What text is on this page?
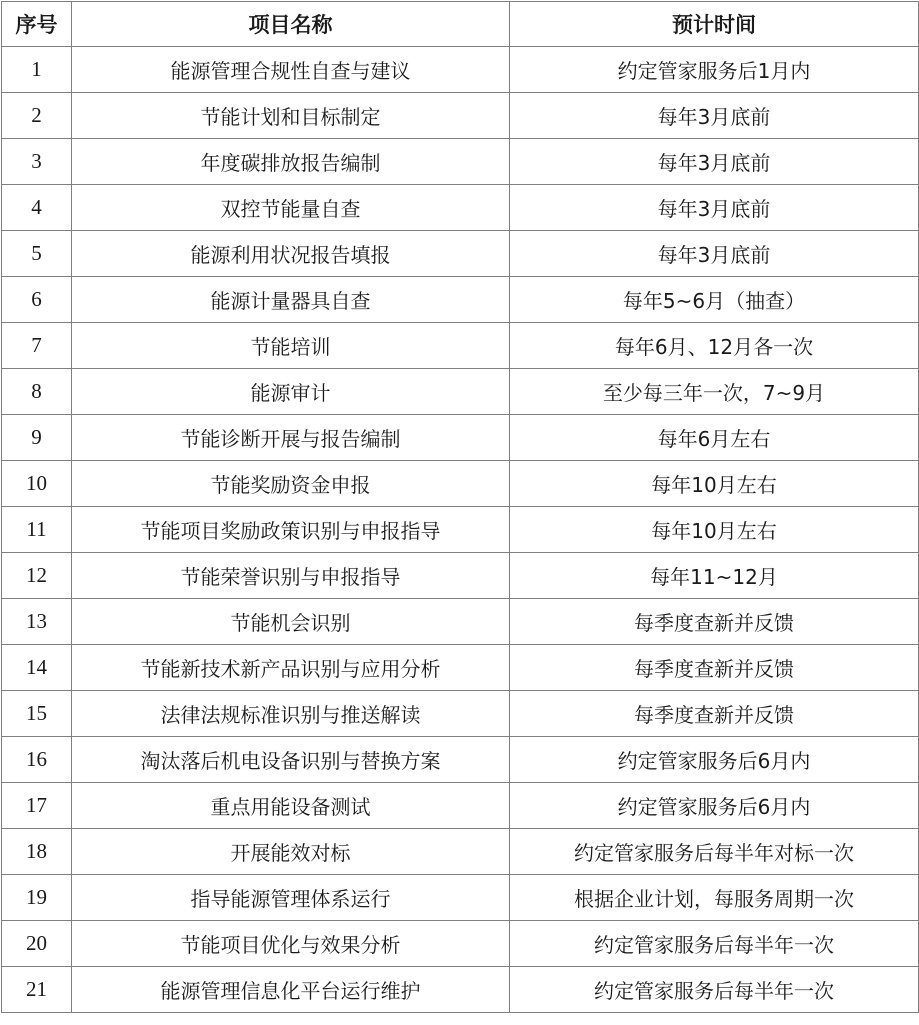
序号	项目名称	预计时间
1	能源管理合规性自查与建议	约定管家服务后1月内
2	节能计划和目标制定	每年3月底前
3	年度碳排放报告编制	每年3月底前
4	双控节能量自查	每年3月底前
5	能源利用状况报告填报	每年3月底前
6	能源计量器具自查	每年5~6月（抽查）
7	节能培训	每年6月、12月各一次
8	能源审计	至少每三年一次，7~9月
9	节能诊断开展与报告编制	每年6月左右
10	节能奖励资金申报	每年10月左右
11	节能项目奖励政策识别与申报指导	每年10月左右
12	节能荣誉识别与申报指导	每年11~12月
13	节能机会识别	每季度查新并反馈
14	节能新技术新产品识别与应用分析	每季度查新并反馈
15	法律法规标准识别与推送解读	每季度查新并反馈
16	淘汰落后机电设备识别与替换方案	约定管家服务后6月内
17	重点用能设备测试	约定管家服务后6月内
18	开展能效对标	约定管家服务后每半年对标一次
19	指导能源管理体系运行	根据企业计划，每服务周期一次
20	节能项目优化与效果分析	约定管家服务后每半年一次
21	能源管理信息化平台运行维护	约定管家服务后每半年一次
